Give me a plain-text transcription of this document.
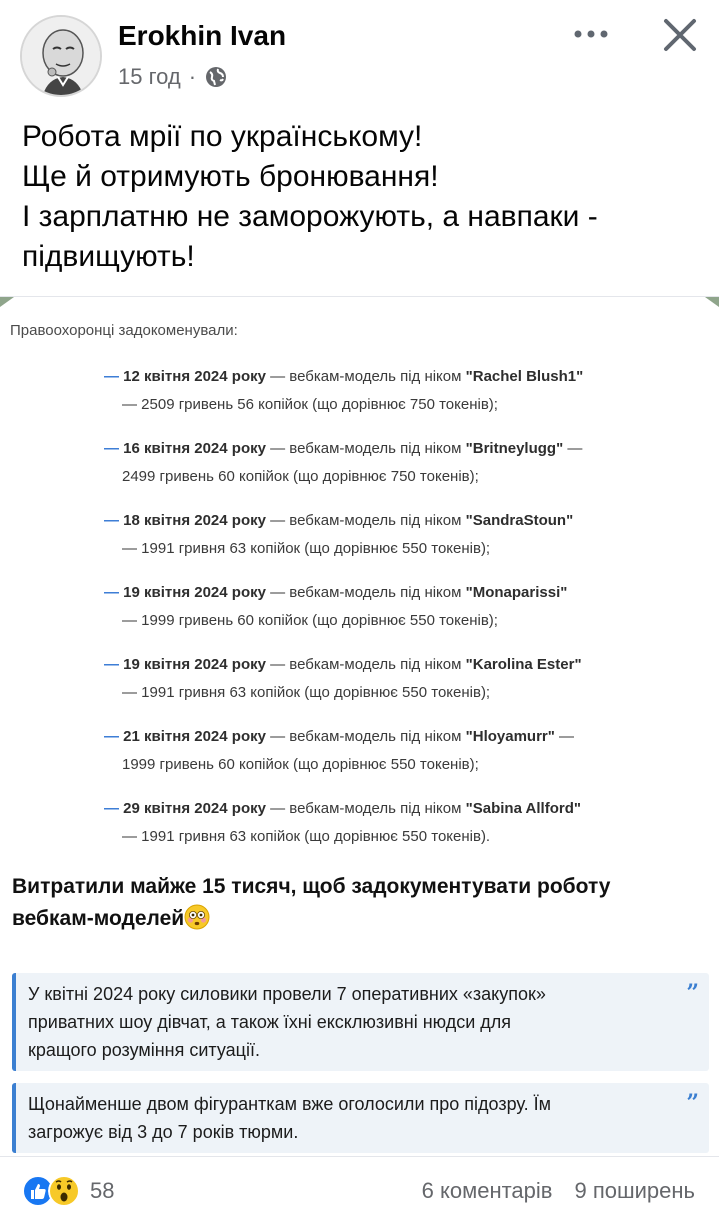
Erokhin Ivan
15 год ·
Робота мрії по українському!
Ще й отримують бронювання!
І зарплатню не заморожують, а навпаки -
підвищують!
Правоохоронці задокоменували:
— 12 квітня 2024 року — вебкам-модель під ніком "Rachel Blush1"
— 2509 гривень 56 копійок (що дорівнює 750 токенів);
— 16 квітня 2024 року — вебкам-модель під ніком "Britneylugg" —
2499 гривень 60 копійок (що дорівнює 750 токенів);
— 18 квітня 2024 року — вебкам-модель під ніком "SandraStoun"
— 1991 гривня 63 копійок (що дорівнює 550 токенів);
— 19 квітня 2024 року — вебкам-модель під ніком "Monaparissi"
— 1999 гривень 60 копійок (що дорівнює 550 токенів);
— 19 квітня 2024 року — вебкам-модель під ніком "Karolina Ester"
— 1991 гривня 63 копійок (що дорівнює 550 токенів);
— 21 квітня 2024 року — вебкам-модель під ніком "Hloyamurr" —
1999 гривень 60 копійок (що дорівнює 550 токенів);
— 29 квітня 2024 року — вебкам-модель під ніком "Sabina Allford"
— 1991 гривня 63 копійок (що дорівнює 550 токенів).
Витратили майже 15 тисяч, щоб задокументувати роботу
вебкам-моделей
У квітні 2024 року силовики провели 7 оперативних «закупок»
приватних шоу дівчат, а також їхні ексклюзивні нюдси для
кращого розуміння ситуації.
”
Щонайменше двом фігуранткам вже оголосили про підозру. Їм
загрожує від 3 до 7 років тюрми.
”
58	6 коментарів 9 поширень
